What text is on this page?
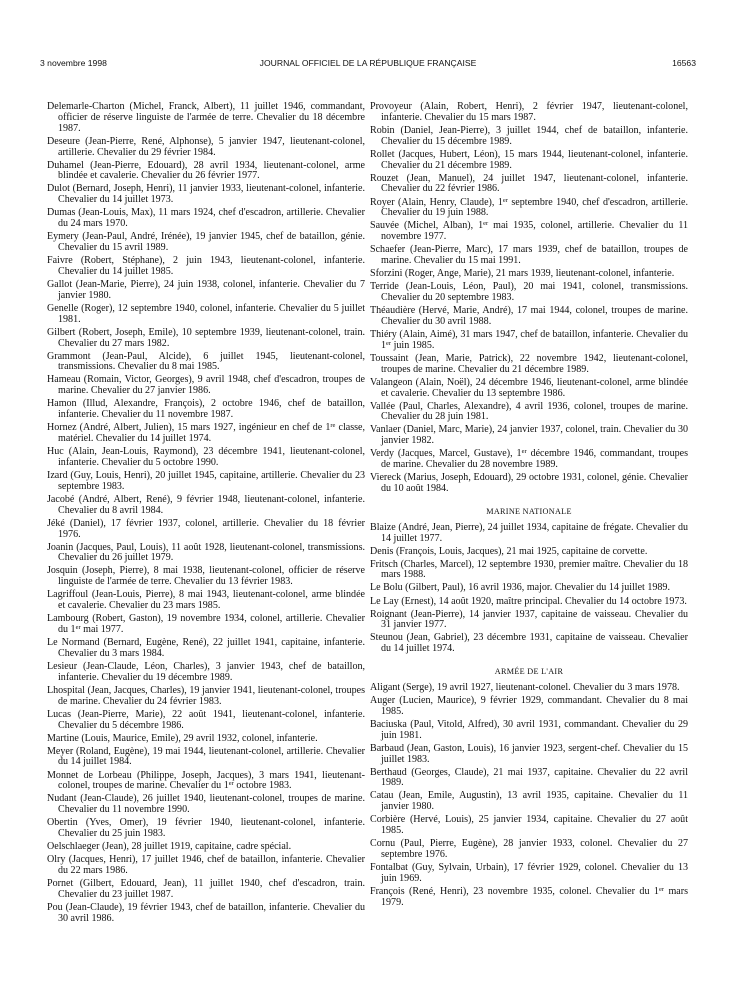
3 novembre 1998	JOURNAL OFFICIEL DE LA RÉPUBLIQUE FRANÇAISE	16563

Delemarle-Charton (Michel, Franck, Albert), 11 juillet 1946, commandant, officier de réserve linguiste de l'armée de terre. Chevalier du 18 décembre 1987.

Deseure (Jean-Pierre, René, Alphonse), 5 janvier 1947, lieutenant-colonel, artillerie. Chevalier du 29 février 1984.

Duhamel (Jean-Pierre, Edouard), 28 avril 1934, lieutenant-colonel, arme blindée et cavalerie. Chevalier du 26 février 1977.

Dulot (Bernard, Joseph, Henri), 11 janvier 1933, lieutenant-colonel, infanterie. Chevalier du 14 juillet 1973.

Dumas (Jean-Louis, Max), 11 mars 1924, chef d'escadron, artillerie. Chevalier du 24 mars 1970.

Eymery (Jean-Paul, André, Irénée), 19 janvier 1945, chef de bataillon, génie. Chevalier du 15 avril 1989.

Faivre (Robert, Stéphane), 2 juin 1943, lieutenant-colonel, infanterie. Chevalier du 14 juillet 1985.

Gallot (Jean-Marie, Pierre), 24 juin 1938, colonel, infanterie. Chevalier du 7 janvier 1980.

Genelle (Roger), 12 septembre 1940, colonel, infanterie. Chevalier du 5 juillet 1981.

Gilbert (Robert, Joseph, Emile), 10 septembre 1939, lieutenant-colonel, train. Chevalier du 27 mars 1982.

Grammont (Jean-Paul, Alcide), 6 juillet 1945, lieutenant-colonel, transmissions. Chevalier du 8 mai 1985.

Hameau (Romain, Victor, Georges), 9 avril 1948, chef d'escadron, troupes de marine. Chevalier du 27 janvier 1986.

Hamon (Illud, Alexandre, François), 2 octobre 1946, chef de bataillon, infanterie. Chevalier du 11 novembre 1987.

Hornez (André, Albert, Julien), 15 mars 1927, ingénieur en chef de 1re classe, matériel. Chevalier du 14 juillet 1974.

Huc (Alain, Jean-Louis, Raymond), 23 décembre 1941, lieutenant-colonel, infanterie. Chevalier du 5 octobre 1990.

Izard (Guy, Louis, Henri), 20 juillet 1945, capitaine, artillerie. Chevalier du 23 septembre 1983.

Jacobé (André, Albert, René), 9 février 1948, lieutenant-colonel, infanterie. Chevalier du 8 avril 1984.

Jéké (Daniel), 17 février 1937, colonel, artillerie. Chevalier du 18 février 1976.

Joanin (Jacques, Paul, Louis), 11 août 1928, lieutenant-colonel, transmissions. Chevalier du 26 juillet 1979.

Josquin (Joseph, Pierre), 8 mai 1938, lieutenant-colonel, officier de réserve linguiste de l'armée de terre. Chevalier du 13 février 1983.

Lagriffoul (Jean-Louis, Pierre), 8 mai 1943, lieutenant-colonel, arme blindée et cavalerie. Chevalier du 23 mars 1985.

Lambourg (Robert, Gaston), 19 novembre 1934, colonel, artillerie. Chevalier du 1er mai 1977.

Le Normand (Bernard, Eugène, René), 22 juillet 1941, capitaine, infanterie. Chevalier du 3 mars 1984.

Lesieur (Jean-Claude, Léon, Charles), 3 janvier 1943, chef de bataillon, infanterie. Chevalier du 19 décembre 1989.

Lhospital (Jean, Jacques, Charles), 19 janvier 1941, lieutenant-colonel, troupes de marine. Chevalier du 24 février 1983.

Lucas (Jean-Pierre, Marie), 22 août 1941, lieutenant-colonel, infanterie. Chevalier du 5 décembre 1986.

Martine (Louis, Maurice, Emile), 29 avril 1932, colonel, infanterie.

Meyer (Roland, Eugène), 19 mai 1944, lieutenant-colonel, artillerie. Chevalier du 14 juillet 1984.

Monnet de Lorbeau (Philippe, Joseph, Jacques), 3 mars 1941, lieutenant-colonel, troupes de marine. Chevalier du 1er octobre 1983.

Nudant (Jean-Claude), 26 juillet 1940, lieutenant-colonel, troupes de marine. Chevalier du 11 novembre 1990.

Obertin (Yves, Omer), 19 février 1940, lieutenant-colonel, infanterie. Chevalier du 25 juin 1983.

Oelschlaeger (Jean), 28 juillet 1919, capitaine, cadre spécial.

Olry (Jacques, Henri), 17 juillet 1946, chef de bataillon, infanterie. Chevalier du 22 mars 1986.

Pornet (Gilbert, Edouard, Jean), 11 juillet 1940, chef d'escadron, train. Chevalier du 23 juillet 1987.

Pou (Jean-Claude), 19 février 1943, chef de bataillon, infanterie. Chevalier du 30 avril 1986.

Provoyeur (Alain, Robert, Henri), 2 février 1947, lieutenant-colonel, infanterie. Chevalier du 15 mars 1987.

Robin (Daniel, Jean-Pierre), 3 juillet 1944, chef de bataillon, infanterie. Chevalier du 15 décembre 1989.

Rollet (Jacques, Hubert, Léon), 15 mars 1944, lieutenant-colonel, infanterie. Chevalier du 21 décembre 1989.

Rouzet (Jean, Manuel), 24 juillet 1947, lieutenant-colonel, infanterie. Chevalier du 22 février 1986.

Royer (Alain, Henry, Claude), 1er septembre 1940, chef d'escadron, artillerie. Chevalier du 19 juin 1988.

Sauvée (Michel, Alban), 1er mai 1935, colonel, artillerie. Chevalier du 11 novembre 1977.

Schaefer (Jean-Pierre, Marc), 17 mars 1939, chef de bataillon, troupes de marine. Chevalier du 15 mai 1991.

Sforzini (Roger, Ange, Marie), 21 mars 1939, lieutenant-colonel, infanterie.

Terride (Jean-Louis, Léon, Paul), 20 mai 1941, colonel, transmissions. Chevalier du 20 septembre 1983.

Théaudière (Hervé, Marie, André), 17 mai 1944, colonel, troupes de marine. Chevalier du 30 avril 1988.

Thiéry (Alain, Aimé), 31 mars 1947, chef de bataillon, infanterie. Chevalier du 1er juin 1985.

Toussaint (Jean, Marie, Patrick), 22 novembre 1942, lieutenant-colonel, troupes de marine. Chevalier du 21 décembre 1989.

Valangeon (Alain, Noël), 24 décembre 1946, lieutenant-colonel, arme blindée et cavalerie. Chevalier du 13 septembre 1986.

Vallée (Paul, Charles, Alexandre), 4 avril 1936, colonel, troupes de marine. Chevalier du 28 juin 1981.

Vanlaer (Daniel, Marc, Marie), 24 janvier 1937, colonel, train. Chevalier du 30 janvier 1982.

Verdy (Jacques, Marcel, Gustave), 1er décembre 1946, commandant, troupes de marine. Chevalier du 28 novembre 1989.

Viereck (Marius, Joseph, Edouard), 29 octobre 1931, colonel, génie. Chevalier du 10 août 1984.

MARINE NATIONALE

Blaize (André, Jean, Pierre), 24 juillet 1934, capitaine de frégate. Chevalier du 14 juillet 1977.

Denis (François, Louis, Jacques), 21 mai 1925, capitaine de corvette.

Fritsch (Charles, Marcel), 12 septembre 1930, premier maître. Chevalier du 18 mars 1988.

Le Bolu (Gilbert, Paul), 16 avril 1936, major. Chevalier du 14 juillet 1989.

Le Lay (Ernest), 14 août 1920, maître principal. Chevalier du 14 octobre 1973.

Roignant (Jean-Pierre), 14 janvier 1937, capitaine de vaisseau. Chevalier du 31 janvier 1977.

Steunou (Jean, Gabriel), 23 décembre 1931, capitaine de vaisseau. Chevalier du 14 juillet 1974.

ARMÉE DE L'AIR

Aligant (Serge), 19 avril 1927, lieutenant-colonel. Chevalier du 3 mars 1978.

Auger (Lucien, Maurice), 9 février 1929, commandant. Chevalier du 8 mai 1985.

Baciuska (Paul, Vitold, Alfred), 30 avril 1931, commandant. Chevalier du 29 juin 1981.

Barbaud (Jean, Gaston, Louis), 16 janvier 1923, sergent-chef. Chevalier du 15 juillet 1983.

Berthaud (Georges, Claude), 21 mai 1937, capitaine. Chevalier du 22 avril 1989.

Catau (Jean, Emile, Augustin), 13 avril 1935, capitaine. Chevalier du 11 janvier 1980.

Corbière (Hervé, Louis), 25 janvier 1934, capitaine. Chevalier du 27 août 1985.

Cornu (Paul, Pierre, Eugène), 28 janvier 1933, colonel. Chevalier du 27 septembre 1976.

Fontalbat (Guy, Sylvain, Urbain), 17 février 1929, colonel. Chevalier du 13 juin 1969.

François (René, Henri), 23 novembre 1935, colonel. Chevalier du 1er mars 1979.
